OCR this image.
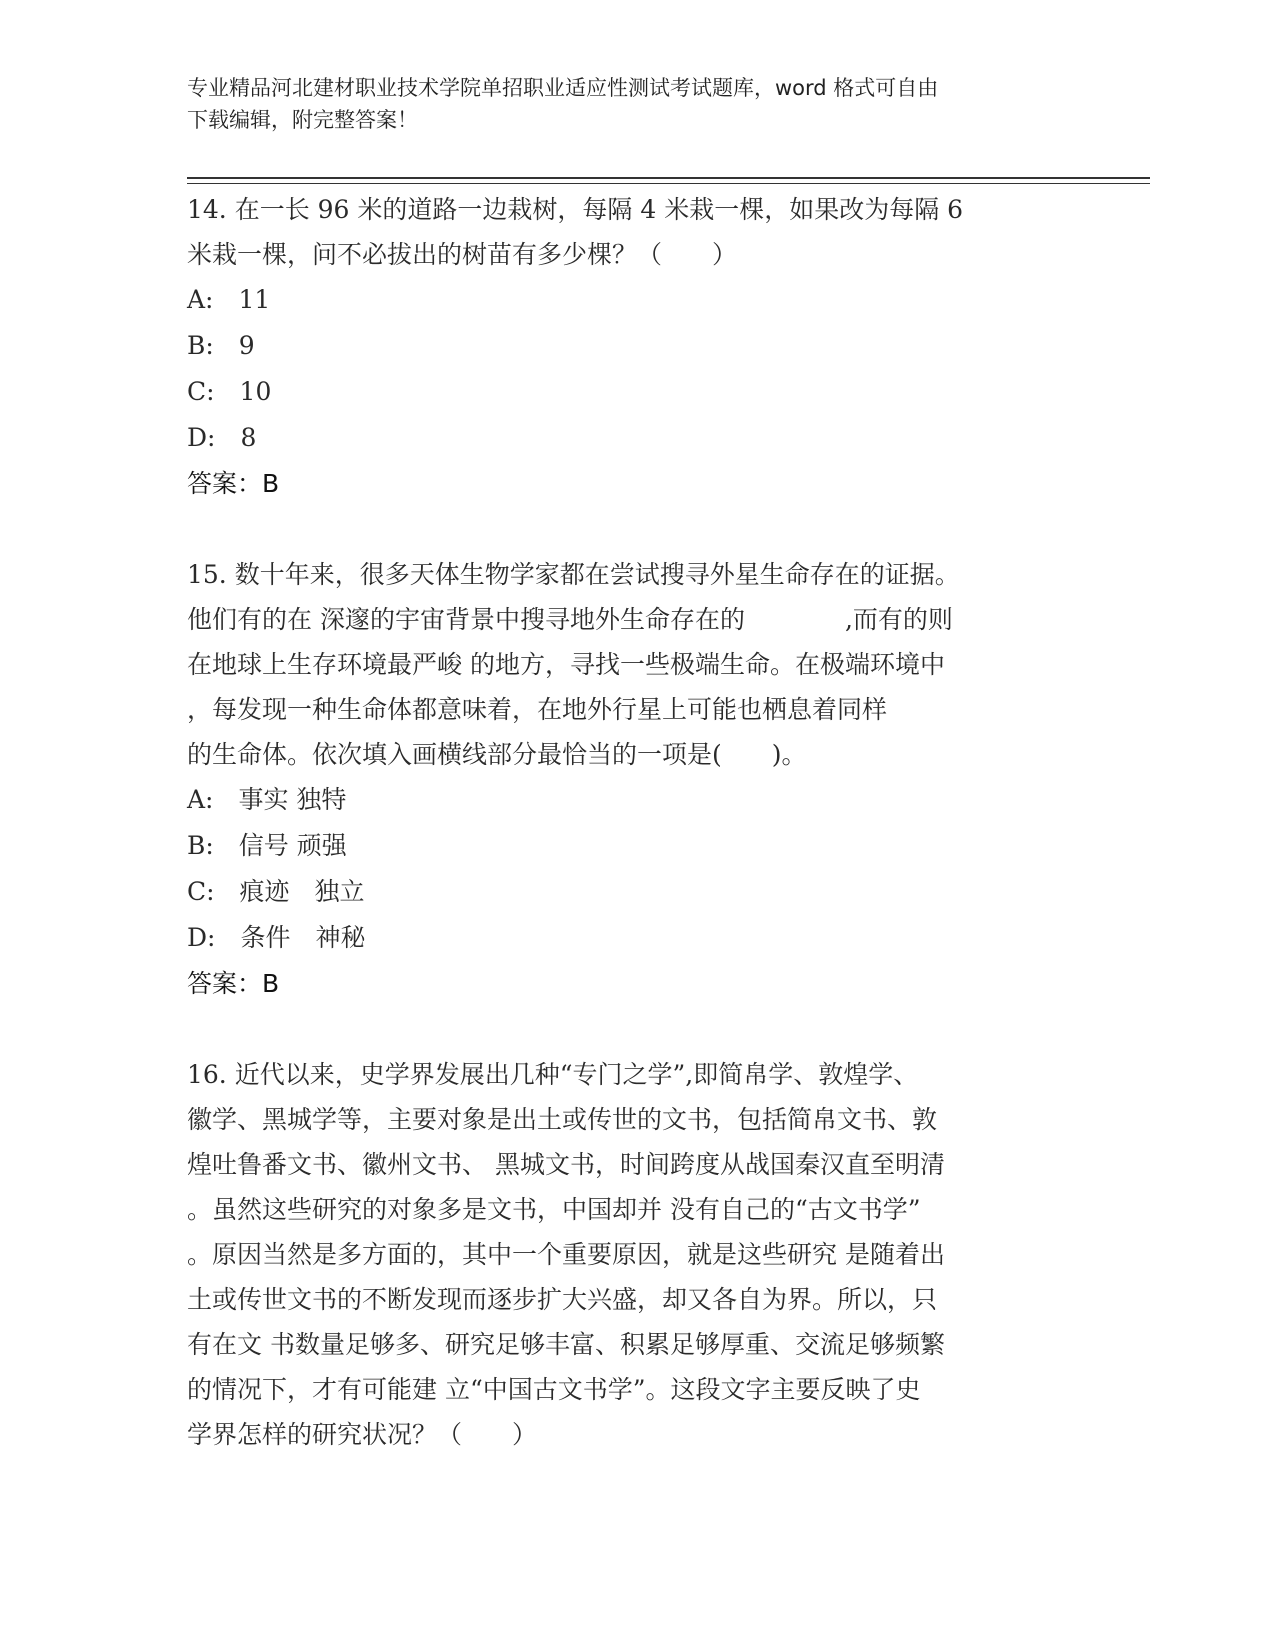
专业精品河北建材职业技术学院单招职业适应性测试考试题库，word 格式可自由
下载编辑，附完整答案！
14. 在一长 96 米的道路一边栽树，每隔 4 米栽一棵，如果改为每隔 6
米栽一棵，问不必拔出的树苗有多少棵？（　　）
A:　11
B:　9
C:　10
D:　8
答案：B
15. 数十年来，很多天体生物学家都在尝试搜寻外星生命存在的证据。
他们有的在 深邃的宇宙背景中搜寻地外生命存在的　　　　,而有的则
在地球上生存环境最严峻 的地方，寻找一些极端生命。在极端环境中
，每发现一种生命体都意味着，在地外行星上可能也栖息着同样
的生命体。依次填入画横线部分最恰当的一项是(　　)。
A:　事实 独特
B:　信号 顽强
C:　痕迹　独立
D:　条件　神秘
答案：B
16. 近代以来，史学界发展出几种“专门之学”,即简帛学、敦煌学、
徽学、黑城学等，主要对象是出土或传世的文书，包括简帛文书、敦
煌吐鲁番文书、徽州文书、 黑城文书，时间跨度从战国秦汉直至明清
。虽然这些研究的对象多是文书，中国却并 没有自己的“古文书学”
。原因当然是多方面的，其中一个重要原因，就是这些研究 是随着出
土或传世文书的不断发现而逐步扩大兴盛，却又各自为界。所以，只
有在文 书数量足够多、研究足够丰富、积累足够厚重、交流足够频繁
的情况下，才有可能建 立“中国古文书学”。这段文字主要反映了史
学界怎样的研究状况？（　　）
